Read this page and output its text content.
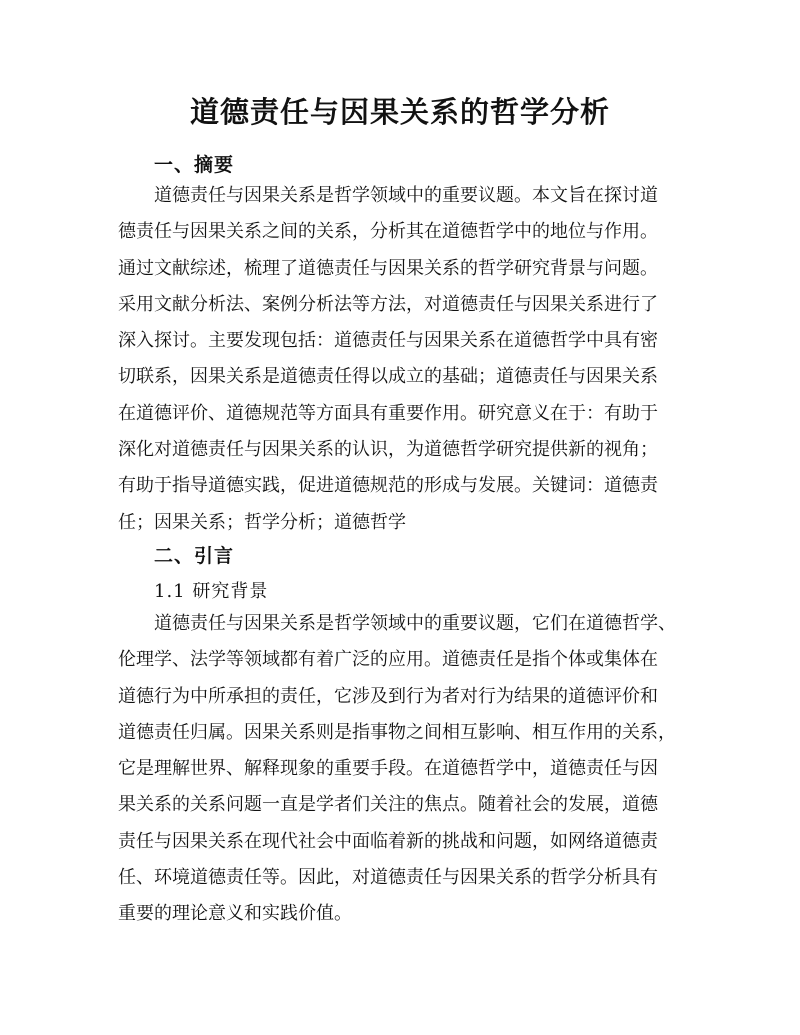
道德责任与因果关系的哲学分析
一、摘要
道德责任与因果关系是哲学领域中的重要议题。本文旨在探讨道
德责任与因果关系之间的关系，分析其在道德哲学中的地位与作用。
通过文献综述，梳理了道德责任与因果关系的哲学研究背景与问题。
采用文献分析法、案例分析法等方法，对道德责任与因果关系进行了
深入探讨。主要发现包括：道德责任与因果关系在道德哲学中具有密
切联系，因果关系是道德责任得以成立的基础；道德责任与因果关系
在道德评价、道德规范等方面具有重要作用。研究意义在于：有助于
深化对道德责任与因果关系的认识，为道德哲学研究提供新的视角；
有助于指导道德实践，促进道德规范的形成与发展。关键词：道德责
任；因果关系；哲学分析；道德哲学
二、引言
1.1 研究背景
道德责任与因果关系是哲学领域中的重要议题，它们在道德哲学、
伦理学、法学等领域都有着广泛的应用。道德责任是指个体或集体在
道德行为中所承担的责任，它涉及到行为者对行为结果的道德评价和
道德责任归属。因果关系则是指事物之间相互影响、相互作用的关系，
它是理解世界、解释现象的重要手段。在道德哲学中，道德责任与因
果关系的关系问题一直是学者们关注的焦点。随着社会的发展，道德
责任与因果关系在现代社会中面临着新的挑战和问题，如网络道德责
任、环境道德责任等。因此，对道德责任与因果关系的哲学分析具有
重要的理论意义和实践价值。
